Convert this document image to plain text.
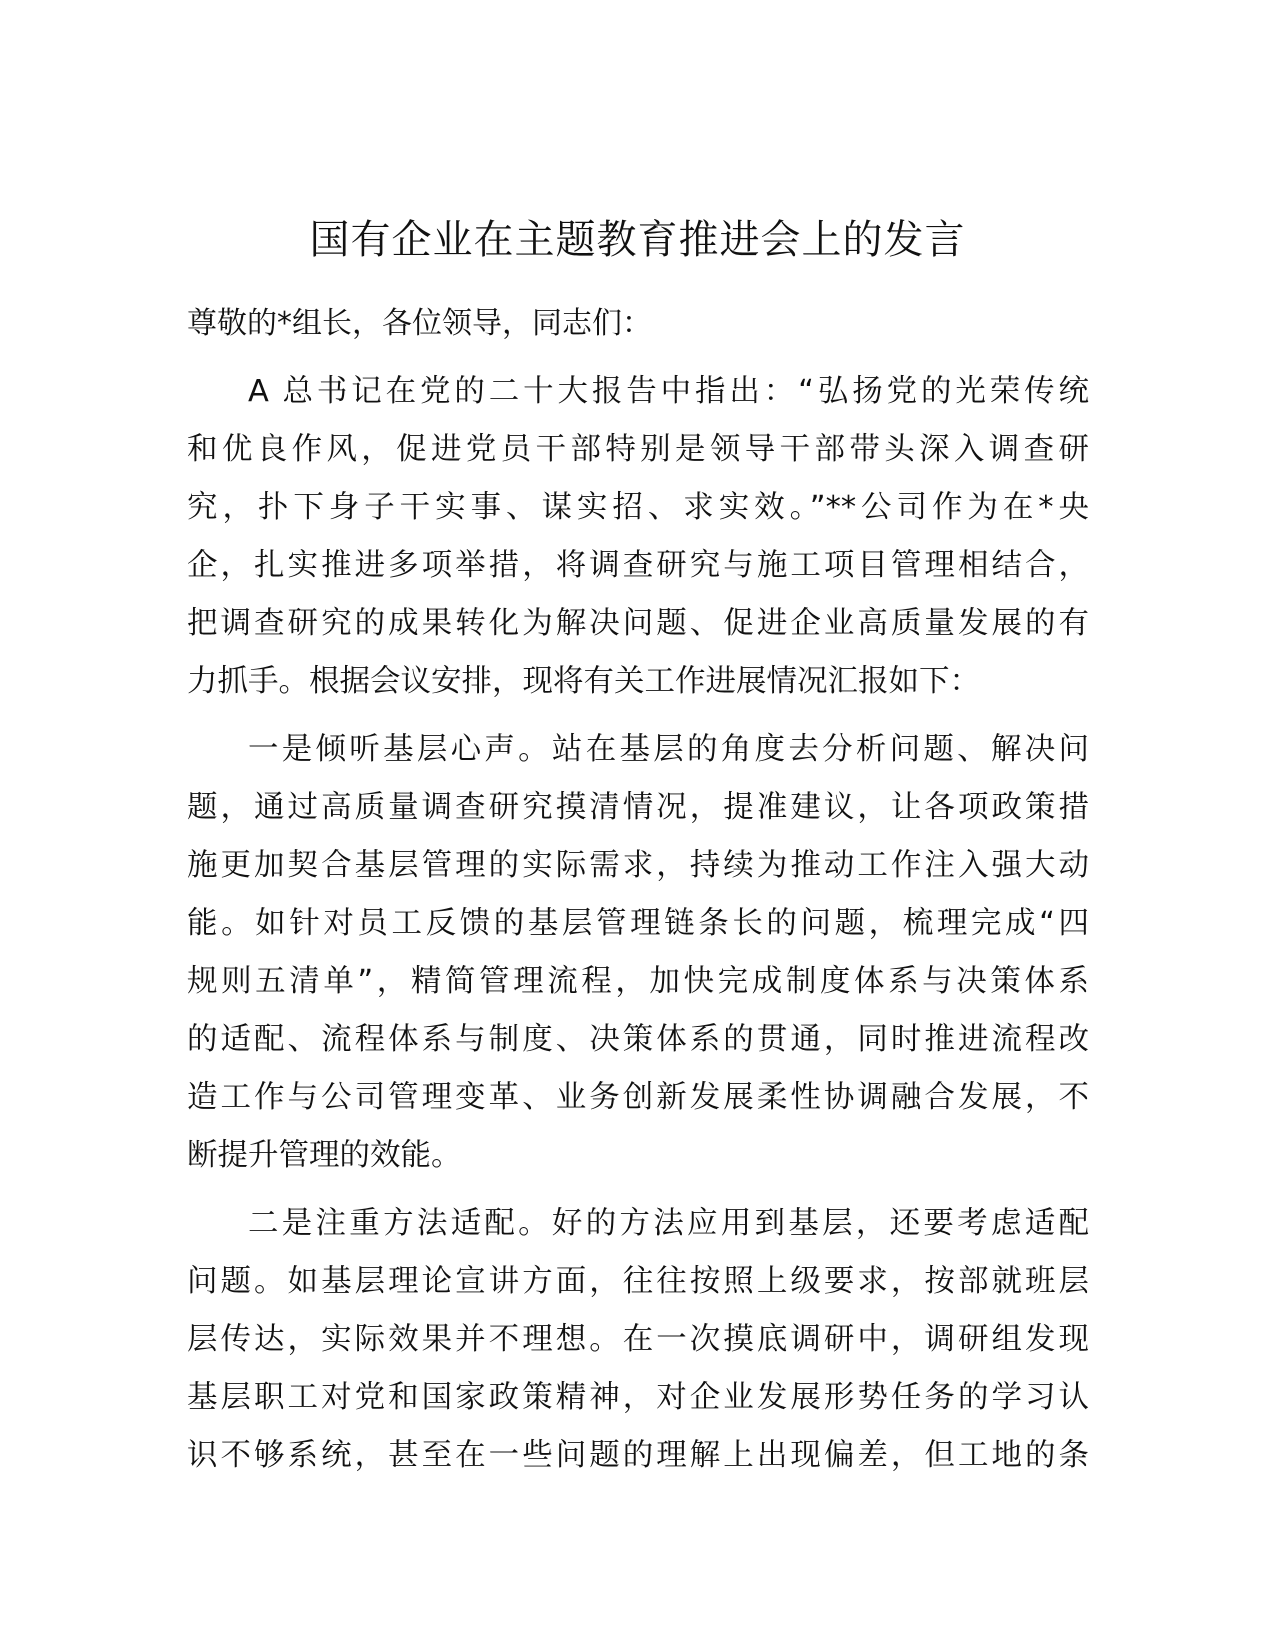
国有企业在主题教育推进会上的发言

尊敬的*组长，各位领导，同志们：

A 总书记在党的二十大报告中指出：“弘扬党的光荣传统
和优良作风，促进党员干部特别是领导干部带头深入调查研
究，扑下身子干实事、谋实招、求实效。”**公司作为在*央
企，扎实推进多项举措，将调查研究与施工项目管理相结合，
把调查研究的成果转化为解决问题、促进企业高质量发展的有
力抓手。根据会议安排，现将有关工作进展情况汇报如下：
一是倾听基层心声。站在基层的角度去分析问题、解决问
题，通过高质量调查研究摸清情况，提准建议，让各项政策措
施更加契合基层管理的实际需求，持续为推动工作注入强大动
能。如针对员工反馈的基层管理链条长的问题，梳理完成“四
规则五清单”，精简管理流程，加快完成制度体系与决策体系
的适配、流程体系与制度、决策体系的贯通，同时推进流程改
造工作与公司管理变革、业务创新发展柔性协调融合发展，不
断提升管理的效能。
二是注重方法适配。好的方法应用到基层，还要考虑适配
问题。如基层理论宣讲方面，往往按照上级要求，按部就班层
层传达，实际效果并不理想。在一次摸底调研中，调研组发现
基层职工对党和国家政策精神，对企业发展形势任务的学习认
识不够系统，甚至在一些问题的理解上出现偏差，但工地的条
